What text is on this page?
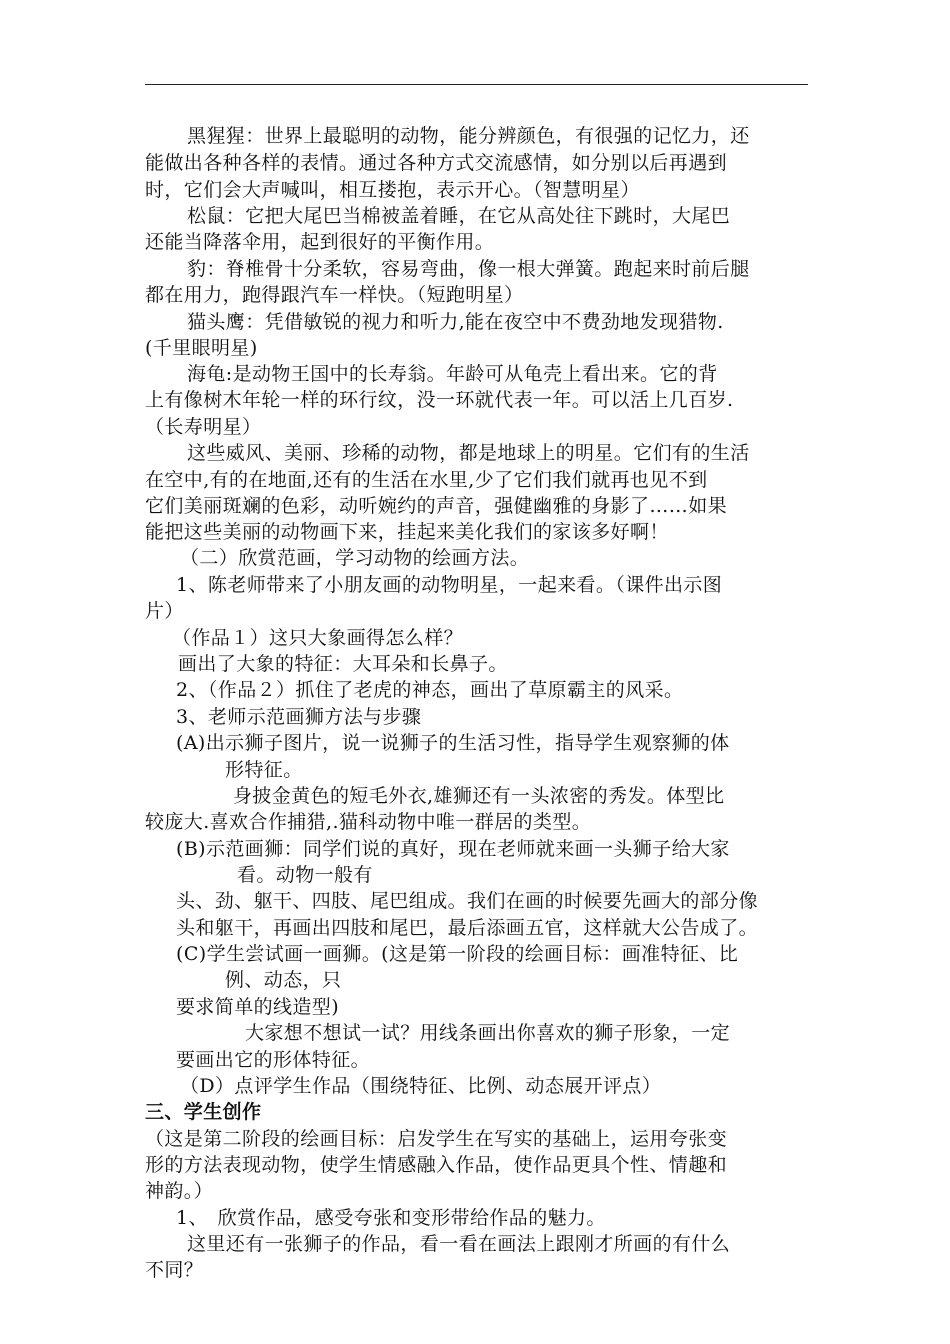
黑猩猩：世界上最聪明的动物，能分辨颜色，有很强的记忆力，还
能做出各种各样的表情。通过各种方式交流感情，如分别以后再遇到
时，它们会大声喊叫，相互搂抱，表示开心。（智慧明星）
松鼠：它把大尾巴当棉被盖着睡，在它从高处往下跳时，大尾巴
还能当降落伞用，起到很好的平衡作用。
豹：脊椎骨十分柔软，容易弯曲，像一根大弹簧。跑起来时前后腿
都在用力，跑得跟汽车一样快。（短跑明星）
猫头鹰：凭借敏锐的视力和听力,能在夜空中不费劲地发现猎物.
(千里眼明星)
海龟:是动物王国中的长寿翁。年龄可从龟壳上看出来。它的背
上有像树木年轮一样的环行纹，没一环就代表一年。可以活上几百岁.
（长寿明星）
这些威风、美丽、珍稀的动物，都是地球上的明星。它们有的生活
在空中,有的在地面,还有的生活在水里,少了它们我们就再也见不到
它们美丽斑斓的色彩，动听婉约的声音，强健幽雅的身影了……如果
能把这些美丽的动物画下来，挂起来美化我们的家该多好啊！
（二）欣赏范画，学习动物的绘画方法。
1、陈老师带来了小朋友画的动物明星，一起来看。（课件出示图
片）
（作品１）这只大象画得怎么样？
画出了大象的特征：大耳朵和长鼻子。
2、（作品２）抓住了老虎的神态，画出了草原霸主的风采。
3、老师示范画狮方法与步骤
(A)出示狮子图片，说一说狮子的生活习性，指导学生观察狮的体
形特征。
身披金黄色的短毛外衣,雄狮还有一头浓密的秀发。体型比
较庞大.喜欢合作捕猎,.猫科动物中唯一群居的类型。
(B)示范画狮：同学们说的真好，现在老师就来画一头狮子给大家
看。动物一般有
头、劲、躯干、四肢、尾巴组成。我们在画的时候要先画大的部分像
头和躯干，再画出四肢和尾巴，最后添画五官，这样就大公告成了。
(C)学生尝试画一画狮。(这是第一阶段的绘画目标：画准特征、比
例、动态，只
要求简单的线造型)
大家想不想试一试？用线条画出你喜欢的狮子形象，一定
要画出它的形体特征。
（D）点评学生作品（围绕特征、比例、动态展开评点）
三、学生创作
（这是第二阶段的绘画目标：启发学生在写实的基础上，运用夸张变
形的方法表现动物，使学生情感融入作品，使作品更具个性、情趣和
神韵。）
1、　欣赏作品，感受夸张和变形带给作品的魅力。
这里还有一张狮子的作品，看一看在画法上跟刚才所画的有什么
不同？
